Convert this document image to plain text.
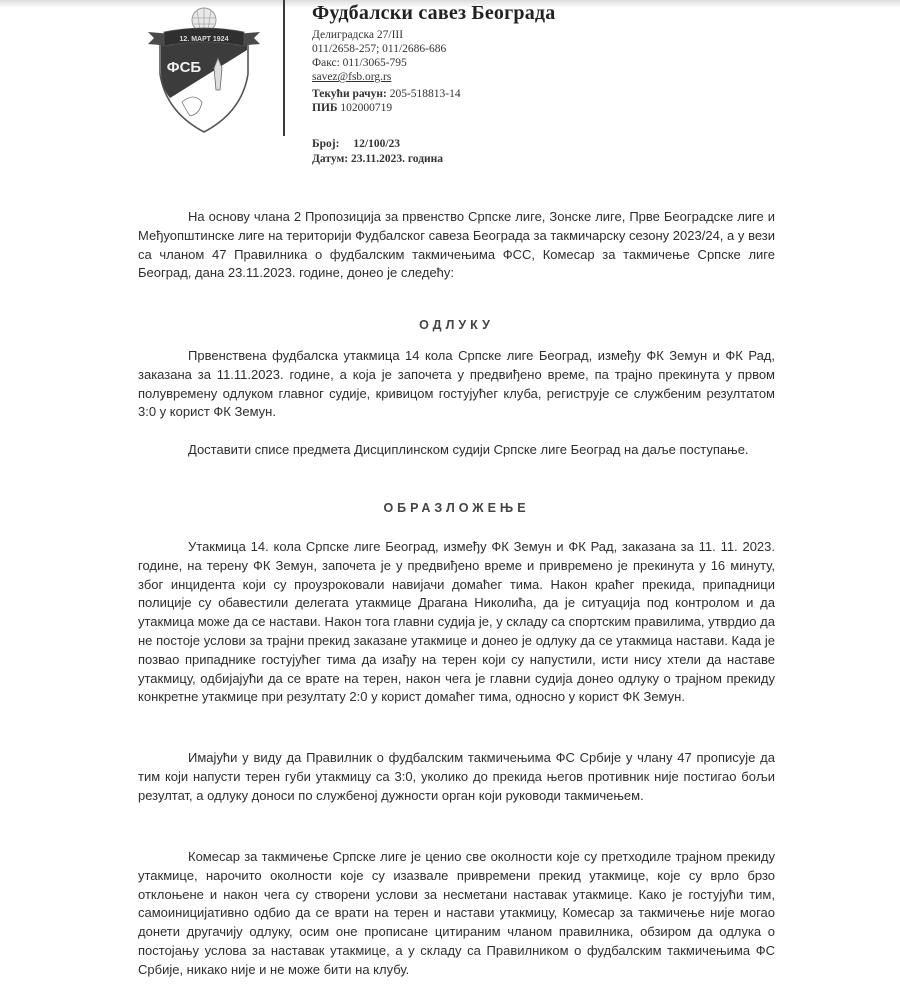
12. МАРТ 1924
ФСБ
Фудбалски савез Београда
Делиградска 27/III
011/2658-257; 011/2686-686
Факс: 011/3065-795
savez@fsb.org.rs
Текући рачун: 205-518813-14
ПИБ 102000719
Број: 12/100/23
Датум: 23.11.2023. година
На основу члана 2 Пропозиција за првенство Српске лиге, Зонске лиге, Прве Београдске лиге и Међуопштинске лиге на територији Фудбалског савеза Београда за такмичарску сезону 2023/24, а у вези са чланом 47 Правилника о фудбалским такмичењима ФСС, Комесар за такмичење Српске лиге Београд, дана 23.11.2023. године, донео је следећу:
ОДЛУКУ
Првенствена фудбалска утакмица 14 кола Српске лиге Београд, између ФК Земун и ФК Рад, заказана за 11.11.2023. године, а која је започета у предвиђено време, па трајно прекинута у првом полувремену одлуком главног судије, кривицом гостујућег клуба, региструје се службеним резултатом 3:0 у корист ФК Земун.
Доставити списе предмета Дисциплинском судији Српске лиге Београд на даље поступање.
ОБРАЗЛОЖЕЊЕ
Утакмица 14. кола Српске лиге Београд, између ФК Земун и ФК Рад, заказана за 11. 11. 2023. године, на терену ФК Земун, започета је у предвиђено време и привремено је прекинута у 16 минуту, због инцидента који су проузроковали навијачи домаћег тима. Након краћег прекида, припадници полиције су обавестили делегата утакмице Драгана Николића, да је ситуација под контролом и да утакмица може да се настави. Након тога главни судија је, у складу са спортским правилима, утврдио да не постоје услови за трајни прекид заказане утакмице и донео је одлуку да се утакмица настави. Када је позвао припаднике гостујућег тима да изађу на терен који су напустили, исти нису хтели да наставе утакмицу, одбијајући да се врате на терен, након чега је главни судија донео одлуку о трајном прекиду конкретне утакмице при резултату 2:0 у корист домаћег тима, односно у корист ФК Земун.
Имајући у виду да Правилник о фудбалским такмичењима ФС Србије у члану 47 прописује да тим који напусти терен губи утакмицу са 3:0, уколико до прекида његов противник није постигао бољи резултат, а одлуку доноси по службеној дужности орган који руководи такмичењем.
Комесар за такмичење Српске лиге је ценио све околности које су претходиле трајном прекиду утакмице, нарочито околности које су изазвале привремени прекид утакмице, које су врло брзо отклоњене и након чега су створени услови за несметани наставак утакмице. Како је гостујући тим, самоиницијативно одбио да се врати на терен и настави утакмицу, Комесар за такмичење није могао донети другачију одлуку, осим оне прописане цитираним чланом правилника, обзиром да одлука о постојању услова за наставак утакмице, а у складу са Правилником о фудбалским такмичењима ФС Србије, никако није и не може бити на клубу.
